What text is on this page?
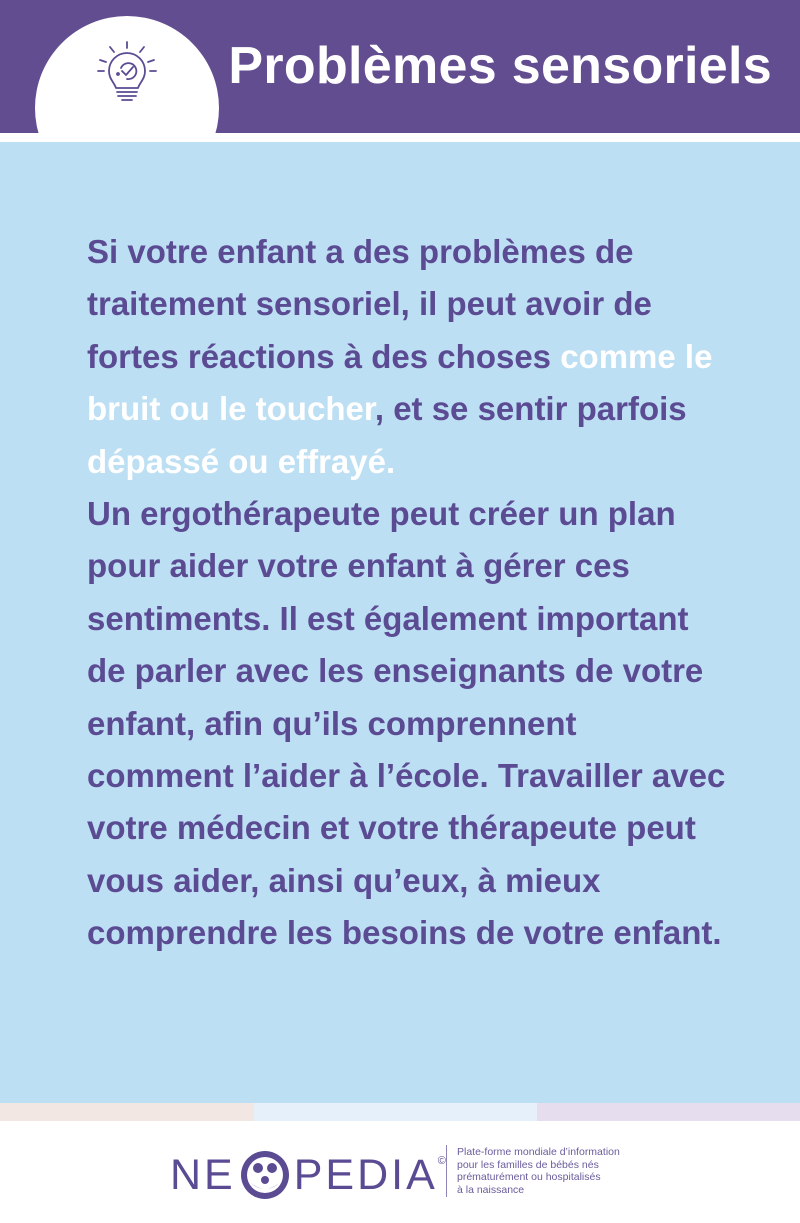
Problèmes sensoriels

Si votre enfant a des problèmes de traitement sensoriel, il peut avoir de fortes réactions à des choses comme le bruit ou le toucher, et se sentir parfois dépassé ou effrayé.

Un ergothérapeute peut créer un plan pour aider votre enfant à gérer ces sentiments. Il est également important de parler avec les enseignants de votre enfant, afin qu’ils comprennent comment l’aider à l’école. Travailler avec votre médecin et votre thérapeute peut vous aider, ainsi qu’eux, à mieux comprendre les besoins de votre enfant.

NE PEDIA ©
Plate-forme mondiale d’information
pour les familles de bébés nés
prématurément ou hospitalisés
à la naissance
